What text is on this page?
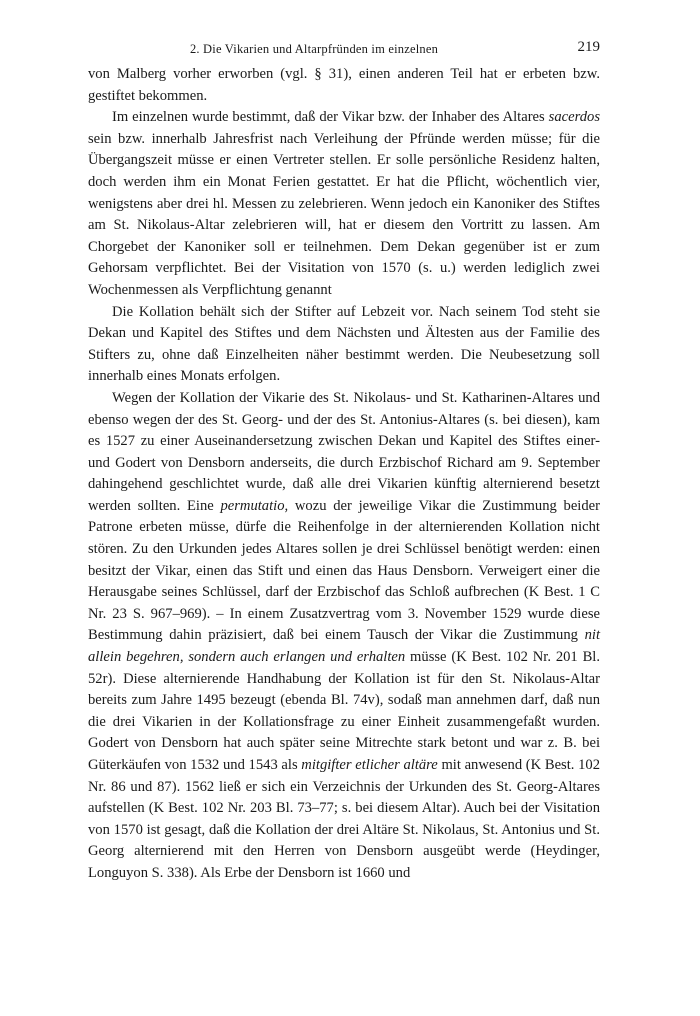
2. Die Vikarien und Altarpfründen im einzelnen	219

von Malberg vorher erworben (vgl. § 31), einen anderen Teil hat er erbeten bzw. gestiftet bekommen.

Im einzelnen wurde bestimmt, daß der Vikar bzw. der Inhaber des Altares sacerdos sein bzw. innerhalb Jahresfrist nach Verleihung der Pfründe werden müsse; für die Übergangszeit müsse er einen Vertreter stellen. Er solle persönliche Residenz halten, doch werden ihm ein Monat Ferien gestattet. Er hat die Pflicht, wöchentlich vier, wenigstens aber drei hl. Messen zu zelebrieren. Wenn jedoch ein Kanoniker des Stiftes am St. Nikolaus-Altar zelebrieren will, hat er diesem den Vortritt zu lassen. Am Chorgebet der Kanoniker soll er teilnehmen. Dem Dekan gegenüber ist er zum Gehorsam verpflichtet. Bei der Visitation von 1570 (s. u.) werden lediglich zwei Wochenmessen als Verpflichtung genannt

Die Kollation behält sich der Stifter auf Lebzeit vor. Nach seinem Tod steht sie Dekan und Kapitel des Stiftes und dem Nächsten und Ältesten aus der Familie des Stifters zu, ohne daß Einzelheiten näher bestimmt werden. Die Neubesetzung soll innerhalb eines Monats erfolgen.

Wegen der Kollation der Vikarie des St. Nikolaus- und St. Katharinen-Altares und ebenso wegen der des St. Georg- und der des St. Antonius-Altares (s. bei diesen), kam es 1527 zu einer Auseinandersetzung zwischen Dekan und Kapitel des Stiftes einer- und Godert von Densborn anderseits, die durch Erzbischof Richard am 9. September dahingehend geschlichtet wurde, daß alle drei Vikarien künftig alternierend besetzt werden sollten. Eine permutatio, wozu der jeweilige Vikar die Zustimmung beider Patrone erbeten müsse, dürfe die Reihenfolge in der alternierenden Kollation nicht stören. Zu den Urkunden jedes Altares sollen je drei Schlüssel benötigt werden: einen besitzt der Vikar, einen das Stift und einen das Haus Densborn. Verweigert einer die Herausgabe seines Schlüssel, darf der Erzbischof das Schloß aufbrechen (K Best. 1 C Nr. 23 S. 967–969). – In einem Zusatzvertrag vom 3. November 1529 wurde diese Bestimmung dahin präzisiert, daß bei einem Tausch der Vikar die Zustimmung nit allein begehren, sondern auch erlangen und erhalten müsse (K Best. 102 Nr. 201 Bl. 52r). Diese alternierende Handhabung der Kollation ist für den St. Nikolaus-Altar bereits zum Jahre 1495 bezeugt (ebenda Bl. 74v), sodaß man annehmen darf, daß nun die drei Vikarien in der Kollationsfrage zu einer Einheit zusammengefaßt wurden. Godert von Densborn hat auch später seine Mitrechte stark betont und war z. B. bei Güterkäufen von 1532 und 1543 als mitgifter etlicher altäre mit anwesend (K Best. 102 Nr. 86 und 87). 1562 ließ er sich ein Verzeichnis der Urkunden des St. Georg-Altares aufstellen (K Best. 102 Nr. 203 Bl. 73–77; s. bei diesem Altar). Auch bei der Visitation von 1570 ist gesagt, daß die Kollation der drei Altäre St. Nikolaus, St. Antonius und St. Georg alternierend mit den Herren von Densborn ausgeübt werde (Heydinger, Longuyon S. 338). Als Erbe der Densborn ist 1660 und
